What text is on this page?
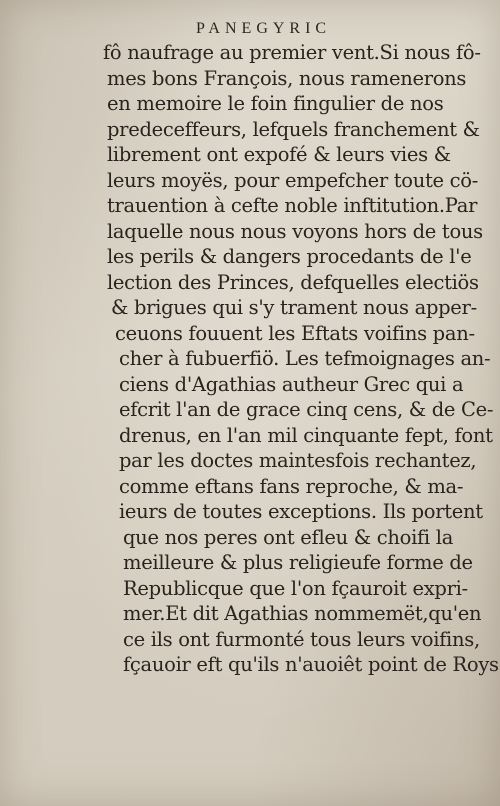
PANEGYRIC
fô naufrage au premier vent.Si nous fô-
mes bons François, nous ramenerons
en memoire le foin fingulier de nos
predeceffeurs, lefquels franchement &
librement ont expofé & leurs vies &
leurs moyës, pour empefcher toute cö-
trauention à cefte noble inftitution.Par
laquelle nous nous voyons hors de tous
les perils & dangers procedants de l'e
lection des Princes, defquelles electiös
& brigues qui s'y trament nous apper-
ceuons fouuent les Eftats voifins pan-
cher à fubuerfiö. Les tefmoignages an-
ciens d'Agathias autheur Grec qui a
efcrit l'an de grace cinq cens, & de Ce-
drenus, en l'an mil cinquante fept, font
par les doctes maintesfois rechantez,
comme eftans fans reproche, & ma-
ieurs de toutes exceptions. Ils portent
que nos peres ont efleu & choifi la
meilleure & plus religieufe forme de
Republicque que l'on fçauroit expri-
mer.Et dit Agathias nommemët,qu'en
ce ils ont furmonté tous leurs voifins,
fçauoir eft qu'ils n'auoiêt point de Roys
